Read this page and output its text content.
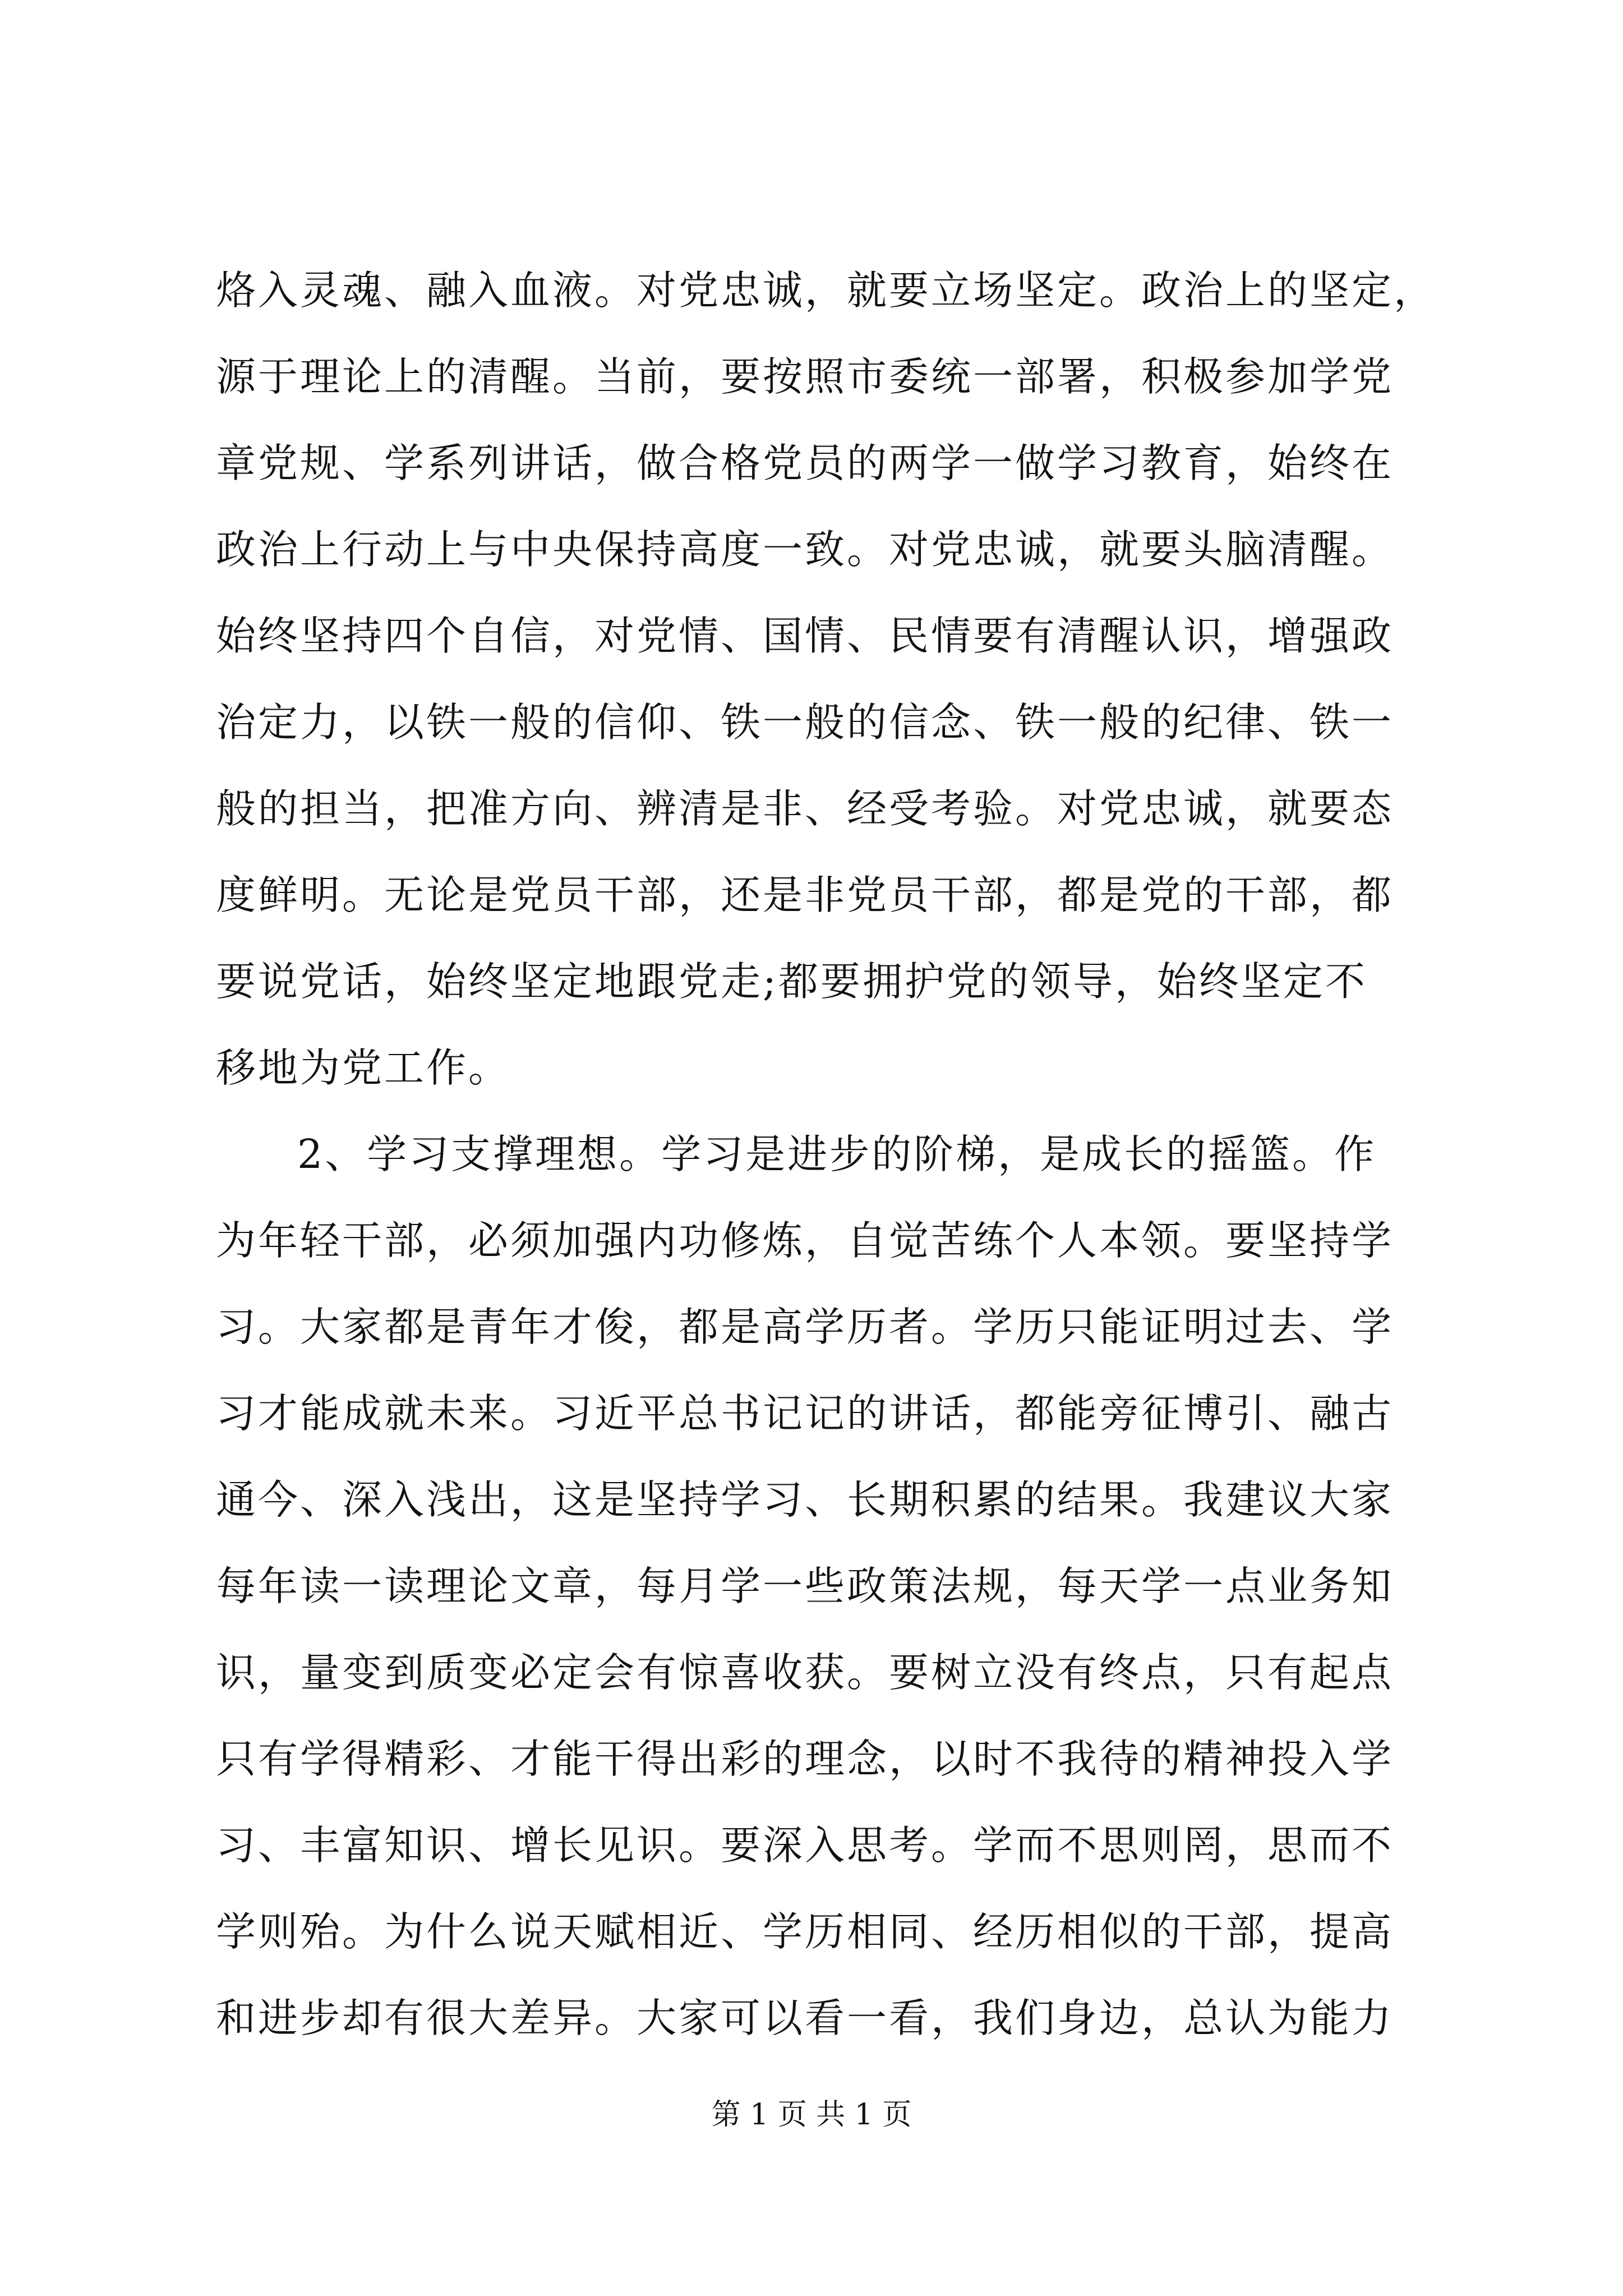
烙入灵魂、融入血液。对党忠诚，就要立场坚定。政治上的坚定，
源于理论上的清醒。当前，要按照市委统一部署，积极参加学党
章党规、学系列讲话，做合格党员的两学一做学习教育，始终在
政治上行动上与中央保持高度一致。对党忠诚，就要头脑清醒。
始终坚持四个自信，对党情、国情、民情要有清醒认识，增强政
治定力，以铁一般的信仰、铁一般的信念、铁一般的纪律、铁一
般的担当，把准方向、辨清是非、经受考验。对党忠诚，就要态
度鲜明。无论是党员干部，还是非党员干部，都是党的干部，都
要说党话，始终坚定地跟党走;都要拥护党的领导，始终坚定不
移地为党工作。
2、学习支撑理想。学习是进步的阶梯，是成长的摇篮。作
为年轻干部，必须加强内功修炼，自觉苦练个人本领。要坚持学
习。大家都是青年才俊，都是高学历者。学历只能证明过去、学
习才能成就未来。习近平总书记记的讲话，都能旁征博引、融古
通今、深入浅出，这是坚持学习、长期积累的结果。我建议大家
每年读一读理论文章，每月学一些政策法规，每天学一点业务知
识，量变到质变必定会有惊喜收获。要树立没有终点，只有起点
只有学得精彩、才能干得出彩的理念，以时不我待的精神投入学
习、丰富知识、增长见识。要深入思考。学而不思则罔，思而不
学则殆。为什么说天赋相近、学历相同、经历相似的干部，提高
和进步却有很大差异。大家可以看一看，我们身边，总认为能力
第 1 页 共 1 页
